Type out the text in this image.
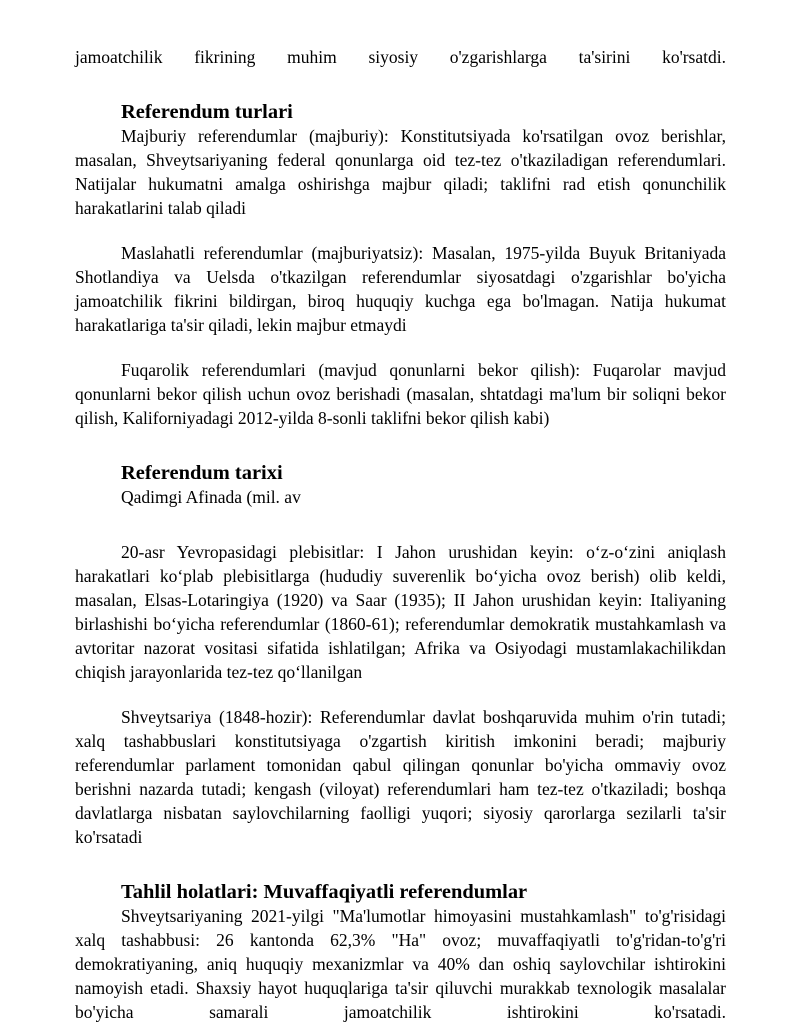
jamoatchilik fikrining muhim siyosiy o'zgarishlarga ta'sirini ko'rsatdi.

Referendum turlari

Majburiy referendumlar (majburiy): Konstitutsiyada ko'rsatilgan ovoz berishlar, masalan, Shveytsariyaning federal qonunlarga oid tez-tez o'tkaziladigan referendumlari. Natijalar hukumatni amalga oshirishga majbur qiladi; taklifni rad etish qonunchilik harakatlarini talab qiladi

Maslahatli referendumlar (majburiyatsiz): Masalan, 1975-yilda Buyuk Britaniyada Shotlandiya va Uelsda o'tkazilgan referendumlar siyosatdagi o'zgarishlar bo'yicha jamoatchilik fikrini bildirgan, biroq huquqiy kuchga ega bo'lmagan. Natija hukumat harakatlariga ta'sir qiladi, lekin majbur etmaydi

Fuqarolik referendumlari (mavjud qonunlarni bekor qilish): Fuqarolar mavjud qonunlarni bekor qilish uchun ovoz berishadi (masalan, shtatdagi ma'lum bir soliqni bekor qilish, Kaliforniyadagi 2012-yilda 8-sonli taklifni bekor qilish kabi)

Referendum tarixi

Qadimgi Afinada (mil. av

20-asr Yevropasidagi plebisitlar: I Jahon urushidan keyin: o‘z-o‘zini aniqlash harakatlari ko‘plab plebisitlarga (hududiy suverenlik bo‘yicha ovoz berish) olib keldi, masalan, Elsas-Lotaringiya (1920) va Saar (1935); II Jahon urushidan keyin: Italiyaning birlashishi bo‘yicha referendumlar (1860-61); referendumlar demokratik mustahkamlash va avtoritar nazorat vositasi sifatida ishlatilgan; Afrika va Osiyodagi mustamlakachilikdan chiqish jarayonlarida tez-tez qo‘llanilgan

Shveytsariya (1848-hozir): Referendumlar davlat boshqaruvida muhim o'rin tutadi; xalq tashabbuslari konstitutsiyaga o'zgartish kiritish imkonini beradi; majburiy referendumlar parlament tomonidan qabul qilingan qonunlar bo'yicha ommaviy ovoz berishni nazarda tutadi; kengash (viloyat) referendumlari ham tez-tez o'tkaziladi; boshqa davlatlarga nisbatan saylovchilarning faolligi yuqori; siyosiy qarorlarga sezilarli ta'sir ko'rsatadi

Tahlil holatlari: Muvaffaqiyatli referendumlar

Shveytsariyaning 2021-yilgi "Ma'lumotlar himoyasini mustahkamlash" to'g'risidagi xalq tashabbusi: 26 kantonda 62,3% "Ha" ovoz; muvaffaqiyatli to'g'ridan-to'g'ri demokratiyaning, aniq huquqiy mexanizmlar va 40% dan oshiq saylovchilar ishtirokini namoyish etadi. Shaxsiy hayot huquqlariga ta'sir qiluvchi murakkab texnologik masalalar bo'yicha samarali jamoatchilik ishtirokini ko'rsatadi.
